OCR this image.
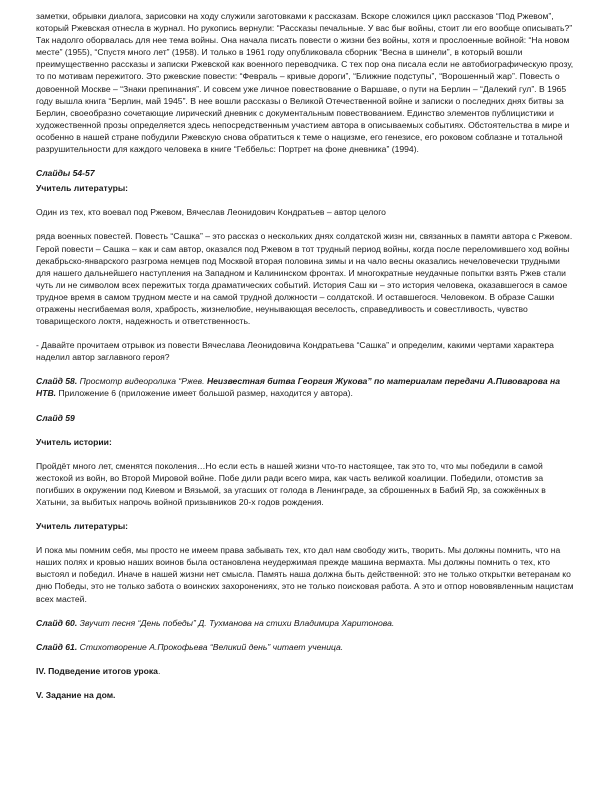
заметки, обрывки диалога, зарисовки на ходу служили заготовками к рассказам. Вскоре сложился цикл рассказов “Под Ржевом”, который Ржевская отнесла в журнал. Но рукопись вернули: “Рассказы печальные. У вас бығ войны, стоит ли его вообще описывать?” Так надолго оборвалась для нее тема войны. Она начала писать повести о жизни без войны, хотя и прослоенные войной: “На новом месте” (1955), “Спустя много лет” (1958). И только в 1961 году опубликовала сборник “Весна в шинели”, в который вошли преимущественно рассказы и записки Ржевской как военного переводчика. С тех пор она писала если не автобиографическую прозу, то по мотивам пережитого. Это ржевские повести: “Февраль – кривые дороги”, “Ближние подступы”, “Ворошенный жар”. Повесть о довоенной Москве – “Знаки препинания”. И совсем уже личное повествование о Варшаве, о пути на Берлин – “Далекий гул”. В 1965 году вышла книга “Берлин, май 1945”. В нее вошли рассказы о Великой Отечественной войне и записки о последних днях битвы за Берлин, своеобразно сочетающие лирический дневник с документальным повествованием. Единство элементов публицистики и художественной прозы определяется здесь непосредственным участием автора в описываемых событиях. Обстоятельства в мире и особенно в нашей стране побудили Ржевскую снова обратиться к теме о нацизме, его генезисе, его роковом соблазне и тотальной разрушительности для каждого человека в книге “Геббельс: Портрет на фоне дневника” (1994).

Слайды 54-57

Учитель литературы:

Один из тех, кто воевал под Ржевом, Вячеслав Леонидович Кондратьев – автор целого

ряда военных повестей. Повесть “Сашка” – это рассказ о нескольких днях солдатской жизн ни, связанных в памяти автора с Ржевом. Герой повести – Сашка – как и сам автор, оказался под Ржевом в тот трудный период войны, когда после переломившего ход войны декабрьско-январского разгрома немцев под Москвой вторая половина зимы и на чало весны оказались нечеловечески трудными для нашего дальнейшего наступления на Западном и Калининском фронтах. И многократные неудачные попытки взять Ржев стали чуть ли не символом всех пережитых тогда драматических событий. История Саш ки – это история человека, оказавшегося в самое трудное время в самом трудном месте и на самой трудной должности – солдатской. И оставшегося. Человеком. В образе Сашки отражены несгибаемая воля, храбрость, жизнелюбие, неунывающая веселость, справедливость и совестливость, чувство товарищеского локтя, надежность и ответственность.

- Давайте прочитаем отрывок из повести Вячеслава Леонидовича Кондратьева “Сашка” и определим, какими чертами характера наделил автор заглавного героя?

Слайд 58. Просмотр видеоролика “Ржев. Неизвестная битва Георгия Жукова” по материалам передачи А.Пивоварова на НТВ. Приложение 6 (приложение имеет большой размер, находится у автора).

Слайд 59

Учитель истории:

Пройдёт много лет, сменятся поколения…Но если есть в нашей жизни что-то настоящее, так это то, что мы победили в самой жестокой из войн, во Второй Мировой войне. Побе дили ради всего мира, как часть великой коалиции. Победили, отомстив за погибших в окружении под Киевом и Вязьмой, за угасших от голода в Ленинграде, за сброшенных в Бабий Яр, за сожжённых в Хатыни, за выбитых напрочь войной призывников 20-х годов рождения.

Учитель литературы:

И пока мы помним себя, мы просто не имеем права забывать тех, кто дал нам свободу жить, творить. Мы должны помнить, что на наших полях и кровью наших воинов была остановлена неудержимая прежде машина вермахта. Мы должны помнить о тех, кто выстоял и победил. Иначе в нашей жизни нет смысла. Память наша должна быть действенной: это не только открытки ветеранам ко дню Победы, это не только забота о воинских захоронениях, это не только поисковая работа. А это и отпор нововявленным нацистам всех мастей.

Слайд 60. Звучит песня “День победы” Д. Тухманова на стихи Владимира Харитонова.

Слайд 61. Стихотворение А.Прокофьева “Великий день” читает ученица.

IV. Подведение итогов урока.

V. Задание на дом.
